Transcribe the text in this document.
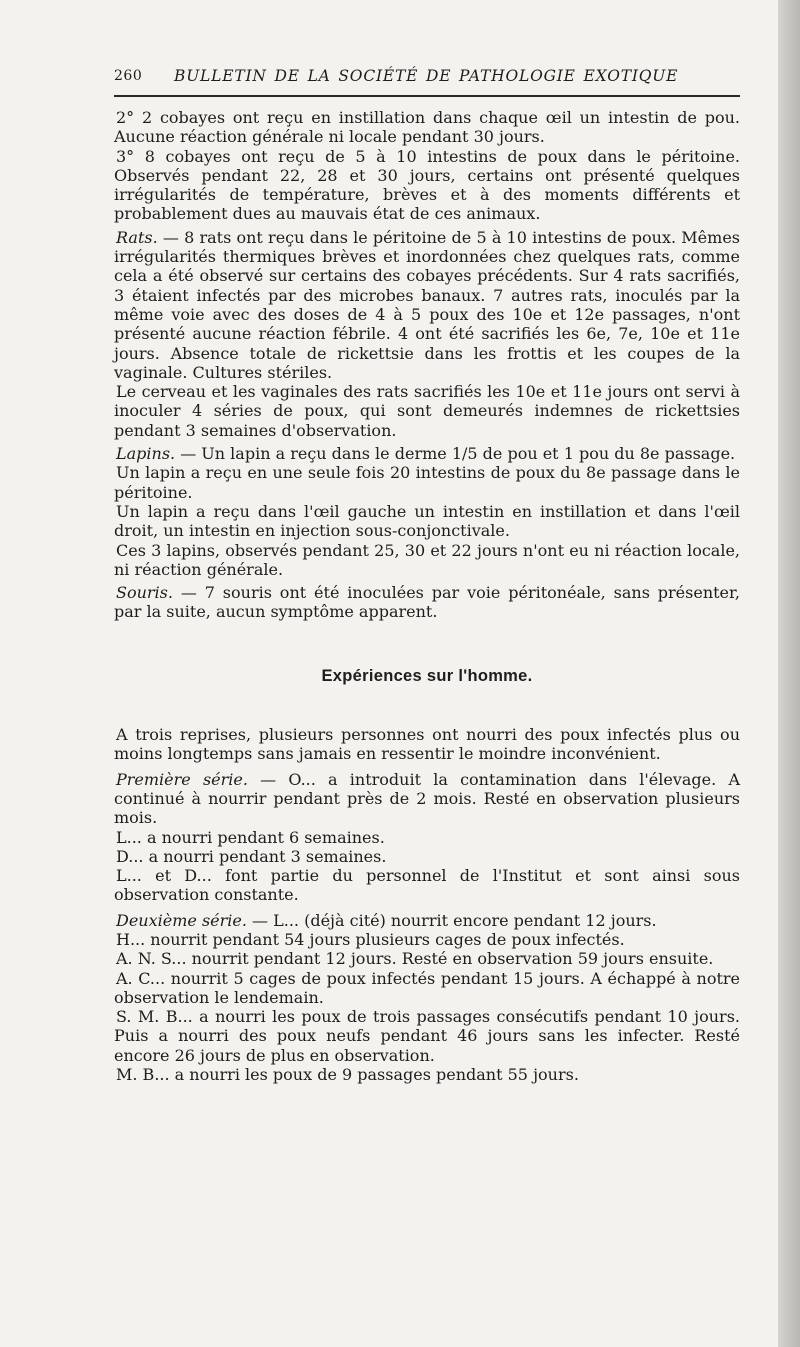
260 BULLETIN DE LA SOCIÉTÉ DE PATHOLOGIE EXOTIQUE

2° 2 cobayes ont reçu en instillation dans chaque œil un intestin de pou. Aucune réaction générale ni locale pendant 30 jours.

3° 8 cobayes ont reçu de 5 à 10 intestins de poux dans le péritoine. Observés pendant 22, 28 et 30 jours, certains ont présenté quelques irrégularités de température, brèves et à des moments différents et probablement dues au mauvais état de ces animaux.

Rats. — 8 rats ont reçu dans le péritoine de 5 à 10 intestins de poux. Mêmes irrégularités thermiques brèves et inordonnées chez quelques rats, comme cela a été observé sur certains des cobayes précédents. Sur 4 rats sacrifiés, 3 étaient infectés par des microbes banaux. 7 autres rats, inoculés par la même voie avec des doses de 4 à 5 poux des 10e et 12e passages, n'ont présenté aucune réaction fébrile. 4 ont été sacrifiés les 6e, 7e, 10e et 11e jours. Absence totale de rickettsie dans les frottis et les coupes de la vaginale. Cultures stériles.

Le cerveau et les vaginales des rats sacrifiés les 10e et 11e jours ont servi à inoculer 4 séries de poux, qui sont demeurés indemnes de rickettsies pendant 3 semaines d'observation.

Lapins. — Un lapin a reçu dans le derme 1/5 de pou et 1 pou du 8e passage.

Un lapin a reçu en une seule fois 20 intestins de poux du 8e passage dans le péritoine.

Un lapin a reçu dans l'œil gauche un intestin en instillation et dans l'œil droit, un intestin en injection sous-conjonctivale.

Ces 3 lapins, observés pendant 25, 30 et 22 jours n'ont eu ni réaction locale, ni réaction générale.

Souris. — 7 souris ont été inoculées par voie péritonéale, sans présenter, par la suite, aucun symptôme apparent.

Expériences sur l'homme.

A trois reprises, plusieurs personnes ont nourri des poux infectés plus ou moins longtemps sans jamais en ressentir le moindre inconvénient.

Première série. — O... a introduit la contamination dans l'élevage. A continué à nourrir pendant près de 2 mois. Resté en observation plusieurs mois.

L... a nourri pendant 6 semaines.

D... a nourri pendant 3 semaines.

L... et D... font partie du personnel de l'Institut et sont ainsi sous observation constante.

Deuxième série. — L... (déjà cité) nourrit encore pendant 12 jours.

H... nourrit pendant 54 jours plusieurs cages de poux infectés.

A. N. S... nourrit pendant 12 jours. Resté en observation 59 jours ensuite.

A. C... nourrit 5 cages de poux infectés pendant 15 jours. A échappé à notre observation le lendemain.

S. M. B... a nourri les poux de trois passages consécutifs pendant 10 jours. Puis a nourri des poux neufs pendant 46 jours sans les infecter. Resté encore 26 jours de plus en observation.

M. B... a nourri les poux de 9 passages pendant 55 jours.
